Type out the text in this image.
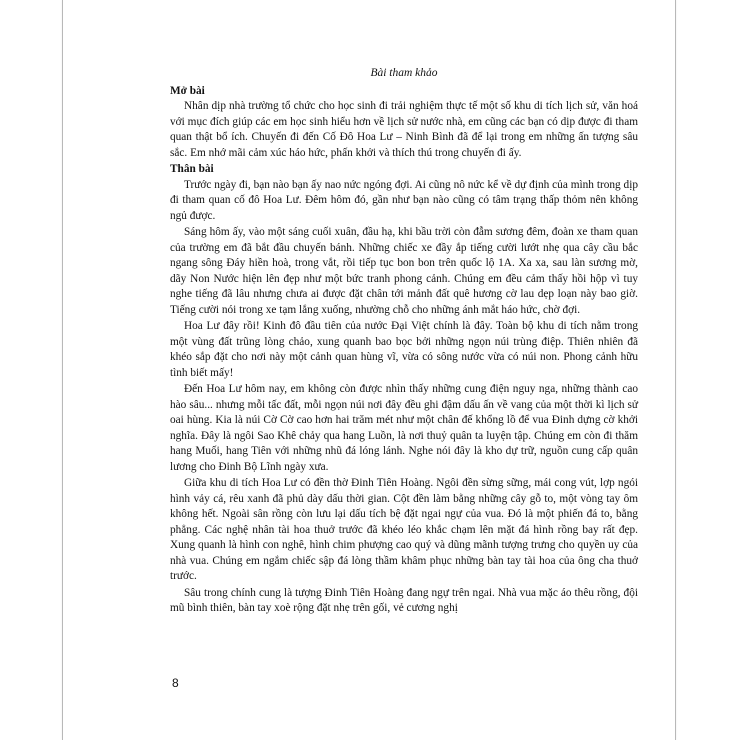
Bài tham khảo

Mở bài

Nhân dịp nhà trường tổ chức cho học sinh đi trải nghiệm thực tế một số khu di tích lịch sử, văn hoá với mục đích giúp các em học sinh hiểu hơn về lịch sử nước nhà, em cũng các bạn có dịp được đi tham quan thật bổ ích. Chuyến đi đến Cố Đô Hoa Lư – Ninh Bình đã để lại trong em những ấn tượng sâu sắc. Em nhớ mãi cảm xúc háo hức, phấn khởi và thích thú trong chuyến đi ấy.

Thân bài

Trước ngày đi, bạn nào bạn ấy nao nức ngóng đợi. Ai cũng nô nức kể về dự định của mình trong dịp đi tham quan cố đô Hoa Lư. Đêm hôm đó, gần như bạn nào cũng có tâm trạng thấp thỏm nên không ngủ được.

Sáng hôm ấy, vào một sáng cuối xuân, đầu hạ, khi bầu trời còn đẫm sương đêm, đoàn xe tham quan của trường em đã bắt đầu chuyến bánh. Những chiếc xe đầy ắp tiếng cười lướt nhẹ qua cây cầu bắc ngang sông Đáy hiền hoà, trong vắt, rồi tiếp tục bon bon trên quốc lộ 1A. Xa xa, sau làn sương mờ, dãy Non Nước hiện lên đẹp như một bức tranh phong cảnh. Chúng em đều cảm thấy hồi hộp vì tuy nghe tiếng đã lâu nhưng chưa ai được đặt chân tới mảnh đất quê hương cờ lau dẹp loạn này bao giờ. Tiếng cười nói trong xe tạm lắng xuống, nhường chỗ cho những ánh mắt háo hức, chờ đợi.

Hoa Lư đây rồi! Kinh đô đầu tiên của nước Đại Việt chính là đây. Toàn bộ khu di tích nằm trong một vùng đất trũng lòng chảo, xung quanh bao bọc bởi những ngọn núi trùng điệp. Thiên nhiên đã khéo sắp đặt cho nơi này một cảnh quan hùng vĩ, vừa có sông nước vừa có núi non. Phong cảnh hữu tình biết mấy!

Đến Hoa Lư hôm nay, em không còn được nhìn thấy những cung điện nguy nga, những thành cao hào sâu... nhưng mỗi tấc đất, mỗi ngọn núi nơi đây đều ghi đậm dấu ấn về vang của một thời kì lịch sử oai hùng. Kia là núi Cờ Cờ cao hơn hai trăm mét như một chân đế khổng lồ để vua Đinh dựng cờ khởi nghĩa. Đây là ngôi Sao Khê chảy qua hang Luồn, là nơi thuỷ quân ta luyện tập. Chúng em còn đi thăm hang Muối, hang Tiên với những nhũ đá lóng lánh. Nghe nói đây là kho dự trữ, nguồn cung cấp quân lương cho Đinh Bộ Lĩnh ngày xưa.

Giữa khu di tích Hoa Lư có đền thờ Đinh Tiên Hoàng. Ngôi đền sừng sững, mái cong vút, lợp ngói hình vảy cá, rêu xanh đã phủ dày dấu thời gian. Cột đền làm bằng những cây gỗ to, một vòng tay ôm không hết. Ngoài sân rồng còn lưu lại dấu tích bệ đặt ngai ngự của vua. Đó là một phiến đá to, bằng phẳng. Các nghệ nhân tài hoa thuở trước đã khéo léo khắc chạm lên mặt đá hình rồng bay rất đẹp. Xung quanh là hình con nghê, hình chim phượng cao quý và dũng mãnh tượng trưng cho quyền uy của nhà vua. Chúng em ngắm chiếc sập đá lòng thầm khâm phục những bàn tay tài hoa của ông cha thuở trước.

Sâu trong chính cung là tượng Đinh Tiên Hoàng đang ngự trên ngai. Nhà vua mặc áo thêu rồng, đội mũ bình thiên, bàn tay xoè rộng đặt nhẹ trên gối, vẻ cương nghị

8
